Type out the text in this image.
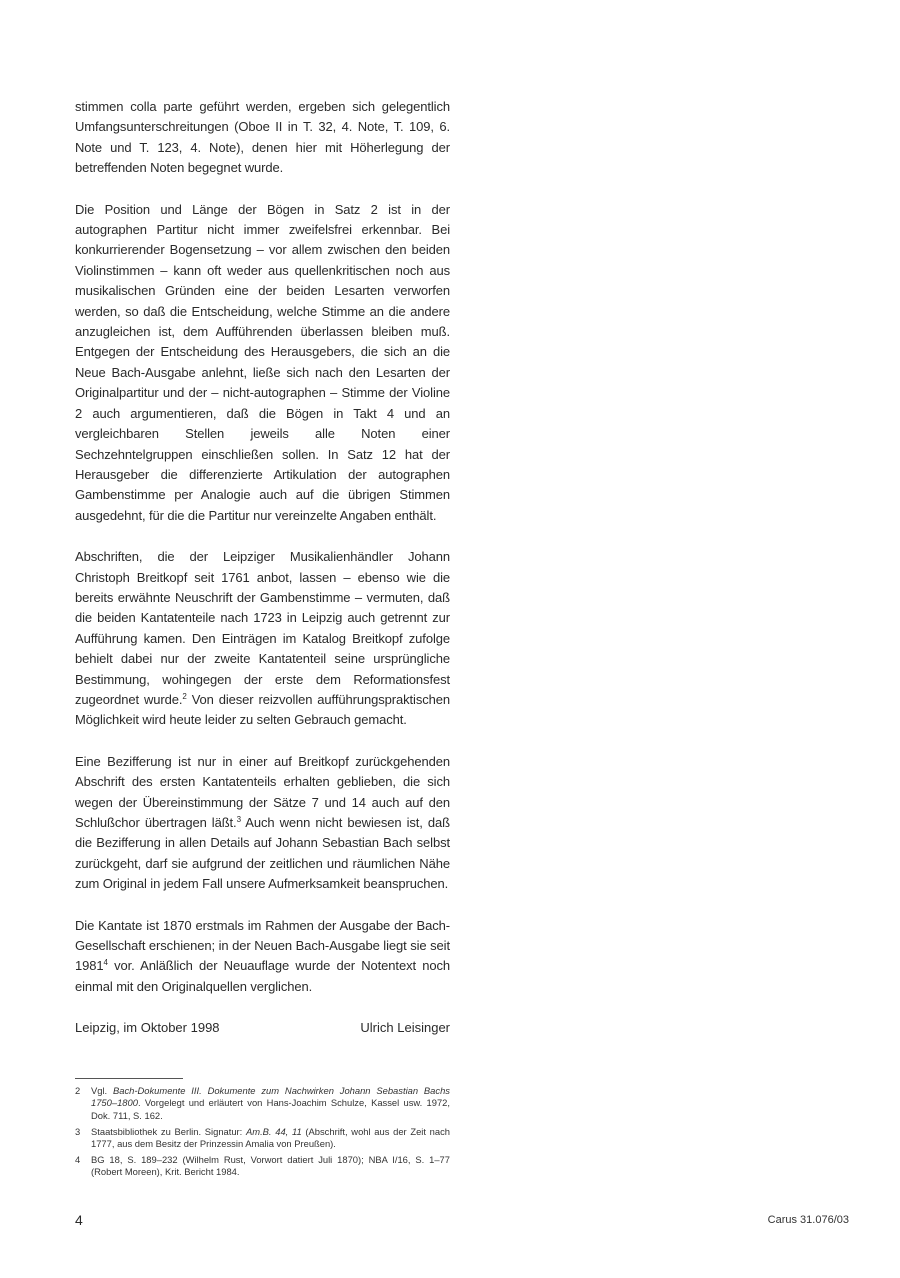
stimmen colla parte geführt werden, ergeben sich gelegentlich Umfangsunterschreitungen (Oboe II in T. 32, 4. Note, T. 109, 6. Note und T. 123, 4. Note), denen hier mit Höherlegung der betreffenden Noten begegnet wurde.

Die Position und Länge der Bögen in Satz 2 ist in der autographen Partitur nicht immer zweifelsfrei erkennbar. Bei konkurrierender Bogensetzung – vor allem zwischen den beiden Violinstimmen – kann oft weder aus quellenkritischen noch aus musikalischen Gründen eine der beiden Lesarten verworfen werden, so daß die Entscheidung, welche Stimme an die andere anzugleichen ist, dem Aufführenden überlassen bleiben muß. Entgegen der Entscheidung des Herausgebers, die sich an die Neue Bach-Ausgabe anlehnt, ließe sich nach den Lesarten der Originalpartitur und der – nicht-autographen – Stimme der Violine 2 auch argumentieren, daß die Bögen in Takt 4 und an vergleichbaren Stellen jeweils alle Noten einer Sechzehntelgruppen einschließen sollen. In Satz 12 hat der Herausgeber die differenzierte Artikulation der autographen Gambenstimme per Analogie auch auf die übrigen Stimmen ausgedehnt, für die die Partitur nur vereinzelte Angaben enthält.

Abschriften, die der Leipziger Musikalienhändler Johann Christoph Breitkopf seit 1761 anbot, lassen – ebenso wie die bereits erwähnte Neuschrift der Gambenstimme – vermuten, daß die beiden Kantatenteile nach 1723 in Leipzig auch getrennt zur Aufführung kamen. Den Einträgen im Katalog Breitkopf zufolge behielt dabei nur der zweite Kantatenteil seine ursprüngliche Bestimmung, wohingegen der erste dem Reformationsfest zugeordnet wurde.$^2$ Von dieser reizvollen aufführungspraktischen Möglichkeit wird heute leider zu selten Gebrauch gemacht.

Eine Bezifferung ist nur in einer auf Breitkopf zurückgehenden Abschrift des ersten Kantatenteils erhalten geblieben, die sich wegen der Übereinstimmung der Sätze 7 und 14 auch auf den Schlußchor übertragen läßt.$^3$ Auch wenn nicht bewiesen ist, daß die Bezifferung in allen Details auf Johann Sebastian Bach selbst zurückgeht, darf sie aufgrund der zeitlichen und räumlichen Nähe zum Original in jedem Fall unsere Aufmerksamkeit beanspruchen.

Die Kantate ist 1870 erstmals im Rahmen der Ausgabe der Bach-Gesellschaft erschienen; in der Neuen Bach-Ausgabe liegt sie seit 1981$^4$ vor. Anläßlich der Neuauflage wurde der Notentext noch einmal mit den Originalquellen verglichen.

Leipzig, im Oktober 1998	Ulrich Leisinger
2	Vgl. Bach-Dokumente III. Dokumente zum Nachwirken Johann Sebastian Bachs 1750–1800. Vorgelegt und erläutert von Hans-Joachim Schulze, Kassel usw. 1972, Dok. 711, S. 162.
3	Staatsbibliothek zu Berlin. Signatur: Am.B. 44, 11 (Abschrift, wohl aus der Zeit nach 1777, aus dem Besitz der Prinzessin Amalia von Preußen).
4	BG 18, S. 189–232 (Wilhelm Rust, Vorwort datiert Juli 1870); NBA I/16, S. 1–77 (Robert Moreen), Krit. Bericht 1984.
4	Carus 31.076/03
